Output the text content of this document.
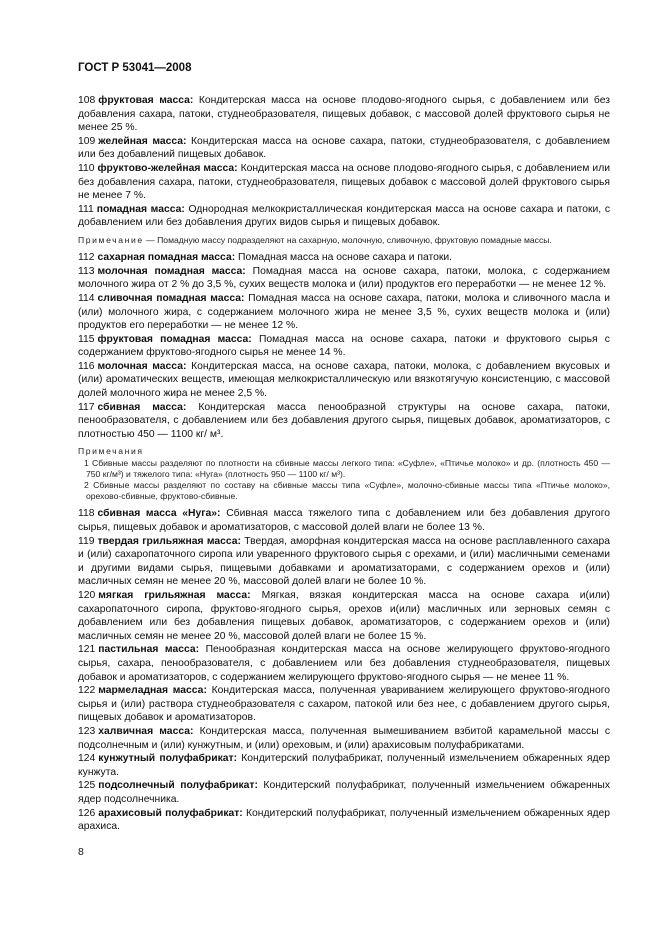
ГОСТ Р 53041—2008

108 фруктовая масса: Кондитерская масса на основе плодово-ягодного сырья, с добавлением или без добавления сахара, патоки, студнеобразователя, пищевых добавок, с массовой долей фруктового сырья не менее 25 %.

109 желейная масса: Кондитерская масса на основе сахара, патоки, студнеобразователя, с добавлением или без добавлений пищевых добавок.

110 фруктово-желейная масса: Кондитерская масса на основе плодово-ягодного сырья, с добавлением или без добавления сахара, патоки, студнеобразователя, пищевых добавок с массовой долей фруктового сырья не менее 7 %.

111 помадная масса: Однородная мелкокристаллическая кондитерская масса на основе сахара и патоки, с добавлением или без добавления других видов сырья и пищевых добавок.

Примечание — Помадную массу подразделяют на сахарную, молочную, сливочную, фруктовую помадные массы.

112 сахарная помадная масса: Помадная масса на основе сахара и патоки.

113 молочная помадная масса: Помадная масса на основе сахара, патоки, молока, с содержанием молочного жира от 2 % до 3,5 %, сухих веществ молока и (или) продуктов его переработки — не менее 12 %.

114 сливочная помадная масса: Помадная масса на основе сахара, патоки, молока и сливочного масла и (или) молочного жира, с содержанием молочного жира не менее 3,5 %, сухих веществ молока и (или) продуктов его переработки — не менее 12 %.

115 фруктовая помадная масса: Помадная масса на основе сахара, патоки и фруктового сырья с содержанием фруктово-ягодного сырья не менее 14 %.

116 молочная масса: Кондитерская масса, на основе сахара, патоки, молока, с добавлением вкусовых и (или) ароматических веществ, имеющая мелкокристаллическую или вязкотягучую консистенцию, с массовой долей молочного жира не менее 2,5 %.

117 сбивная масса: Кондитерская масса пенообразной структуры на основе сахара, патоки, пенообразователя, с добавлением или без добавления другого сырья, пищевых добавок, ароматизаторов, с плотностью 450 — 1100 кг/ м³.

Примечания

1 Сбивные массы разделяют по плотности на сбивные массы легкого типа: «Суфле», «Птичье молоко» и др. (плотность 450 — 750 кг/м³) и тяжелого типа: «Нуга» (плотность 950 — 1100 кг/ м³).

2 Сбивные массы разделяют по составу на сбивные массы типа «Суфле», молочно-сбивные массы типа «Птичье молоко», орехово-сбивные, фруктово-сбивные.

118 сбивная масса «Нуга»: Сбивная масса тяжелого типа с добавлением или без добавления другого сырья, пищевых добавок и ароматизаторов, с массовой долей влаги не более 13 %.

119 твердая грильяжная масса: Твердая, аморфная кондитерская масса на основе расплавленного сахара и (или) сахаропаточного сиропа или уваренного фруктового сырья с орехами, и (или) масличными семенами и другими видами сырья, пищевыми добавками и ароматизаторами, с содержанием орехов и (или) масличных семян не менее 20 %, массовой долей влаги не более 10 %.

120 мягкая грильяжная масса: Мягкая, вязкая кондитерская масса на основе сахара и(или) сахаропаточного сиропа, фруктово-ягодного сырья, орехов и(или) масличных или зерновых семян с добавлением или без добавления пищевых добавок, ароматизаторов, с содержанием орехов и (или) масличных семян не менее 20 %, массовой долей влаги не более 15 %.

121 пастильная масса: Пенообразная кондитерская масса на основе желирующего фруктово-ягодного сырья, сахара, пенообразователя, с добавлением или без добавления студнеобразователя, пищевых добавок и ароматизаторов, с содержанием желирующего фруктово-ягодного сырья — не менее 11 %.

122 мармеладная масса: Кондитерская масса, полученная увариванием желирующего фруктово-ягодного сырья и (или) раствора студнеобразователя с сахаром, патокой или без нее, с добавлением другого сырья, пищевых добавок и ароматизаторов.

123 халвичная масса: Кондитерская масса, полученная вымешиванием взбитой карамельной массы с подсолнечным и (или) кунжутным, и (или) ореховым, и (или) арахисовым полуфабрикатами.

124 кунжутный полуфабрикат: Кондитерский полуфабрикат, полученный измельчением обжаренных ядер кунжута.

125 подсолнечный полуфабрикат: Кондитерский полуфабрикат, полученный измельчением обжаренных ядер подсолнечника.

126 арахисовый полуфабрикат: Кондитерский полуфабрикат, полученный измельчением обжаренных ядер арахиса.

8
